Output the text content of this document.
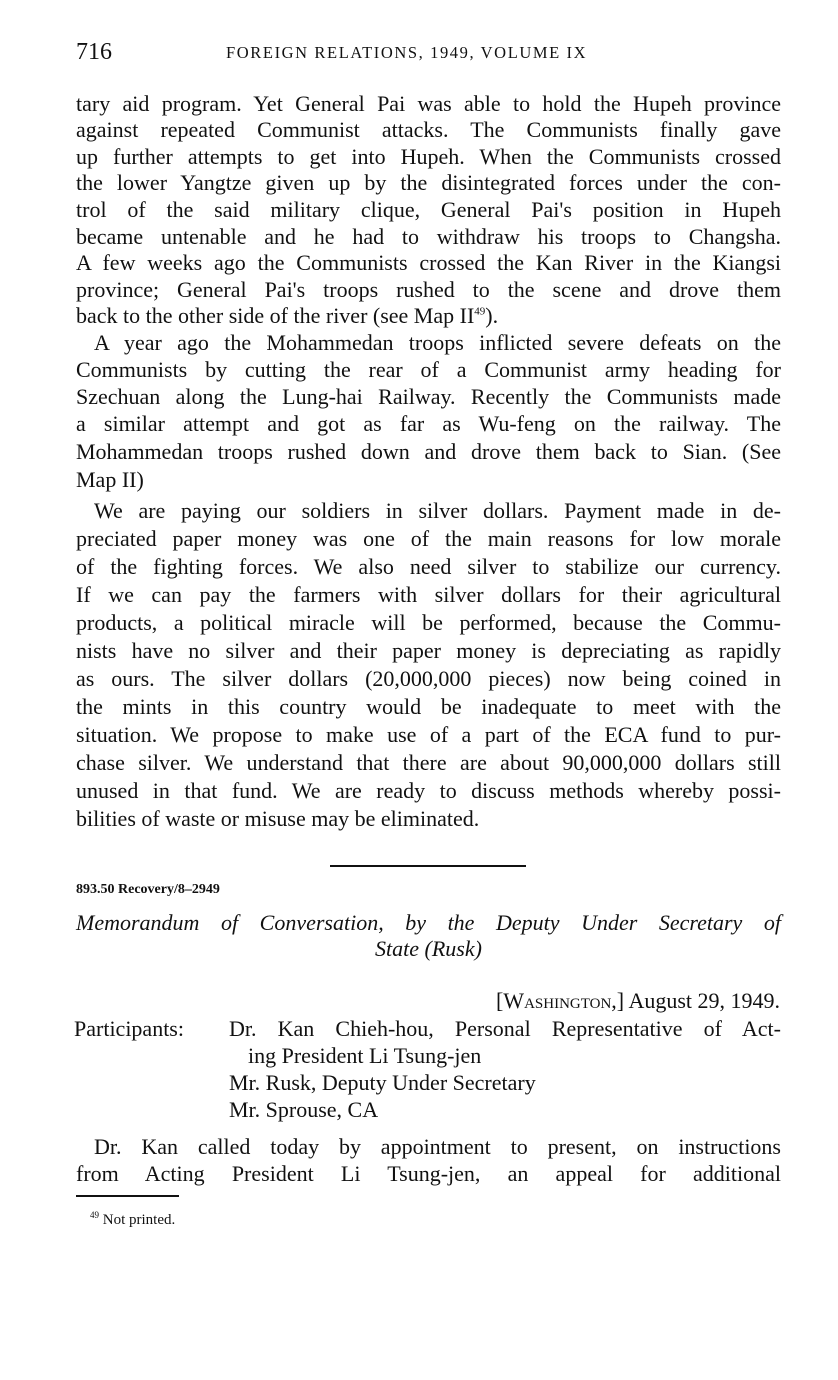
716	FOREIGN RELATIONS, 1949, VOLUME IX
tary aid program. Yet General Pai was able to hold the Hupeh province
against repeated Communist attacks. The Communists finally gave
up further attempts to get into Hupeh. When the Communists crossed
the lower Yangtze given up by the disintegrated forces under the con-
trol of the said military clique, General Pai's position in Hupeh
became untenable and he had to withdraw his troops to Changsha.
A few weeks ago the Communists crossed the Kan River in the Kiangsi
province; General Pai's troops rushed to the scene and drove them
back to the other side of the river (see Map II$^{49}$).
A year ago the Mohammedan troops inflicted severe defeats on the
Communists by cutting the rear of a Communist army heading for
Szechuan along the Lung-hai Railway. Recently the Communists made
a similar attempt and got as far as Wu-feng on the railway. The
Mohammedan troops rushed down and drove them back to Sian. (See
Map II)
We are paying our soldiers in silver dollars. Payment made in de-
preciated paper money was one of the main reasons for low morale
of the fighting forces. We also need silver to stabilize our currency.
If we can pay the farmers with silver dollars for their agricultural
products, a political miracle will be performed, because the Commu-
nists have no silver and their paper money is depreciating as rapidly
as ours. The silver dollars (20,000,000 pieces) now being coined in
the mints in this country would be inadequate to meet with the
situation. We propose to make use of a part of the ECA fund to pur-
chase silver. We understand that there are about 90,000,000 dollars still
unused in that fund. We are ready to discuss methods whereby possi-
bilities of waste or misuse may be eliminated.
893.50 Recovery/8–2949
Memorandum of Conversation, by the Deputy Under Secretary of
State (Rusk)
[Washington,] August 29, 1949.
Participants: Dr. Kan Chieh-hou, Personal Representative of Act-
ing President Li Tsung-jen
Mr. Rusk, Deputy Under Secretary
Mr. Sprouse, CA
Dr. Kan called today by appointment to present, on instructions
from Acting President Li Tsung-jen, an appeal for additional
$^{49}$ Not printed.
